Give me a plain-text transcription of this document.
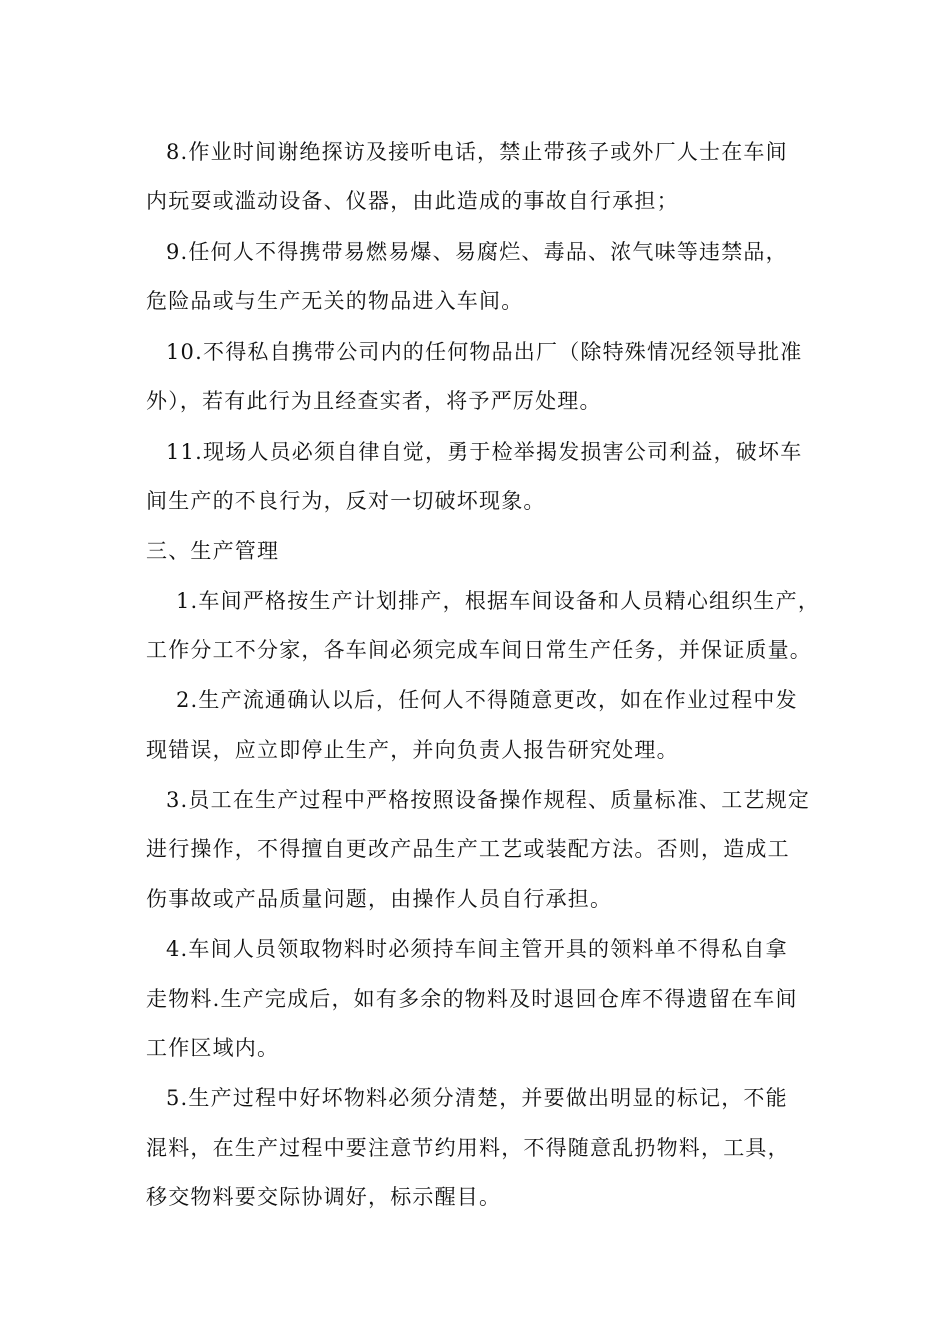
8.作业时间谢绝探访及接听电话，禁止带孩子或外厂人士在车间
内玩耍或滥动设备、仪器，由此造成的事故自行承担；
9.任何人不得携带易燃易爆、易腐烂、毒品、浓气味等违禁品，
危险品或与生产无关的物品进入车间。
10.不得私自携带公司内的任何物品出厂（除特殊情况经领导批准
外），若有此行为且经查实者，将予严厉处理。
11.现场人员必须自律自觉，勇于检举揭发损害公司利益，破坏车
间生产的不良行为，反对一切破坏现象。
三、生产管理
1.车间严格按生产计划排产，根据车间设备和人员精心组织生产，
工作分工不分家，各车间必须完成车间日常生产任务，并保证质量。
2.生产流通确认以后，任何人不得随意更改，如在作业过程中发
现错误，应立即停止生产，并向负责人报告研究处理。
3.员工在生产过程中严格按照设备操作规程、质量标准、工艺规定
进行操作，不得擅自更改产品生产工艺或装配方法。否则，造成工
伤事故或产品质量问题，由操作人员自行承担。
4.车间人员领取物料时必须持车间主管开具的领料单不得私自拿
走物料.生产完成后，如有多余的物料及时退回仓库不得遗留在车间
工作区域内。
5.生产过程中好坏物料必须分清楚，并要做出明显的标记，不能
混料，在生产过程中要注意节约用料，不得随意乱扔物料，工具，
移交物料要交际协调好，标示醒目。
